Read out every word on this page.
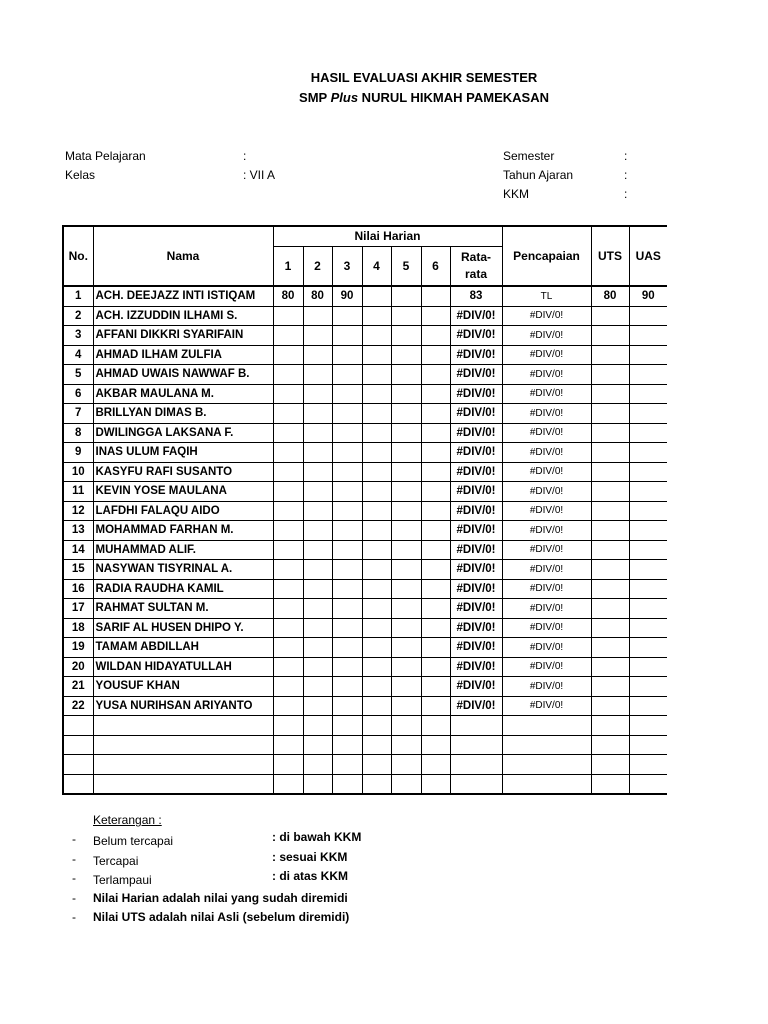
HASIL EVALUASI AKHIR SEMESTER
SMP Plus NURUL HIKMAH PAMEKASAN
Mata Pelajaran	:
Kelas	: VII A
Semester	:
Tahun Ajaran	:
KKM	:
No.	Nama	Nilai Harian							Pencapaian	UTS	UAS
		1	2	3	4	5	6	Rata-
rata			

1	ACH. DEEJAZZ INTI ISTIQAM	80	80	90				83	TL	80	90
2	ACH. IZZUDDIN ILHAMI S.							#DIV/0!	#DIV/0!		
3	AFFANI DIKKRI SYARIFAIN							#DIV/0!	#DIV/0!		
4	AHMAD ILHAM ZULFIA							#DIV/0!	#DIV/0!		
5	AHMAD UWAIS NAWWAF B.							#DIV/0!	#DIV/0!		
6	AKBAR MAULANA M.							#DIV/0!	#DIV/0!		
7	BRILLYAN DIMAS B.							#DIV/0!	#DIV/0!		
8	DWILINGGA LAKSANA F.							#DIV/0!	#DIV/0!		
9	INAS ULUM FAQIH							#DIV/0!	#DIV/0!		
10	KASYFU RAFI SUSANTO							#DIV/0!	#DIV/0!		
11	KEVIN YOSE MAULANA							#DIV/0!	#DIV/0!		
12	LAFDHI FALAQU AIDO							#DIV/0!	#DIV/0!		
13	MOHAMMAD FARHAN M.							#DIV/0!	#DIV/0!		
14	MUHAMMAD ALIF.							#DIV/0!	#DIV/0!		
15	NASYWAN TISYRINAL A.							#DIV/0!	#DIV/0!		
16	RADIA RAUDHA KAMIL							#DIV/0!	#DIV/0!		
17	RAHMAT SULTAN M.							#DIV/0!	#DIV/0!		
18	SARIF AL HUSEN DHIPO Y.							#DIV/0!	#DIV/0!		
19	TAMAM ABDILLAH							#DIV/0!	#DIV/0!		
20	WILDAN HIDAYATULLAH							#DIV/0!	#DIV/0!		
21	YOUSUF KHAN							#DIV/0!	#DIV/0!		
22	YUSA NURIHSAN ARIYANTO							#DIV/0!	#DIV/0!		

Keterangan :
- Belum tercapai	: di bawah KKM
- Tercapai	: sesuai KKM
- Terlampaui	: di atas KKM
- Nilai Harian adalah nilai yang sudah diremidi
- Nilai UTS adalah nilai Asli (sebelum diremidi)
